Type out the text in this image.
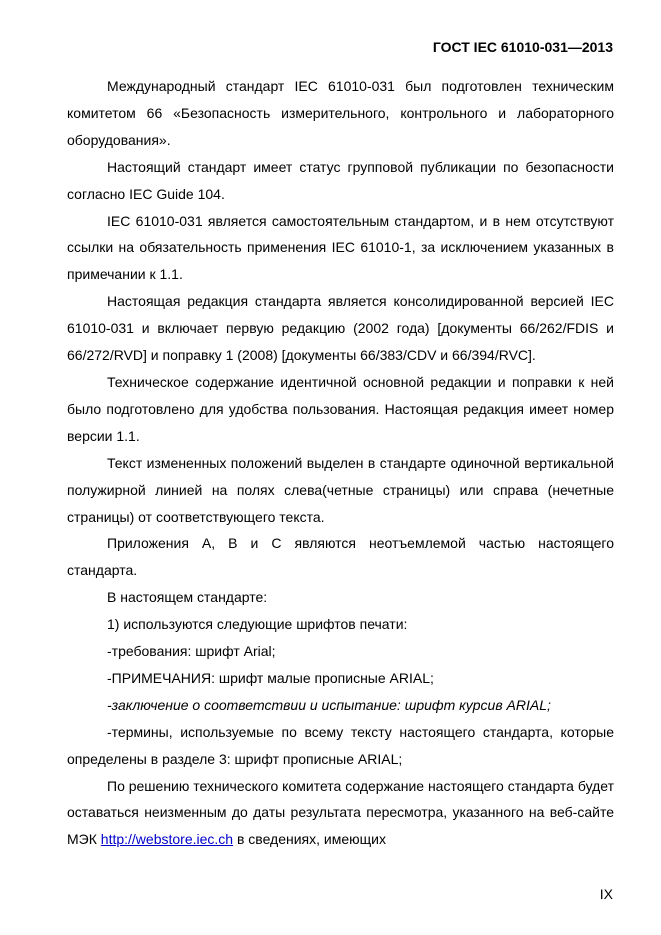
ГОСТ IEC 61010-031—2013

Международный стандарт IEC 61010-031 был подготовлен техническим комитетом 66 «Безопасность измерительного, контрольного и лабораторного оборудования».

Настоящий стандарт имеет статус групповой публикации по безопасности согласно IEC Guide 104.

IEC 61010-031 является самостоятельным стандартом, и в нем отсутствуют ссылки на обязательность применения IEC 61010-1, за исключением указанных в примечании к 1.1.

Настоящая редакция стандарта является консолидированной версией IEC 61010-031 и включает первую редакцию (2002 года) [документы 66/262/FDIS и 66/272/RVD] и поправку 1 (2008) [документы 66/383/CDV и 66/394/RVC].

Техническое содержание идентичной основной редакции и поправки к ней было подготовлено для удобства пользования. Настоящая редакция имеет номер версии 1.1.

Текст измененных положений выделен в стандарте одиночной вертикальной полужирной линией на полях слева(четные страницы) или справа (нечетные страницы) от соответствующего текста.

Приложения А, В и С являются неотъемлемой частью настоящего стандарта.

В настоящем стандарте:

1) используются следующие шрифтов печати:

-требования: шрифт Arial;

-ПРИМЕЧАНИЯ: шрифт малые прописные ARIAL;

-заключение о соответствии и испытание: шрифт курсив ARIAL;

-термины, используемые по всему тексту настоящего стандарта, которые определены в разделе 3: шрифт прописные ARIAL;

По решению технического комитета содержание настоящего стандарта будет оставаться неизменным до даты результата пересмотра, указанного на веб-сайте МЭК http://webstore.iec.ch в сведениях, имеющих

IX
